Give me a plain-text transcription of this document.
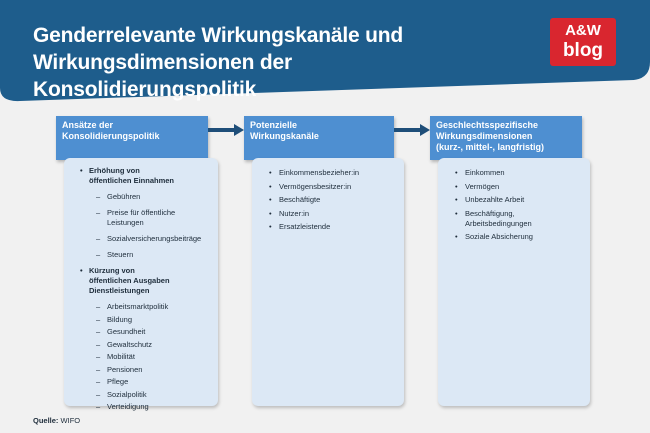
Genderrelevante Wirkungskanäle und
Wirkungsdimensionen der Konsolidierungspolitik
A&W
blog
Ansätze der
Konsolidierungspolitik
• Erhöhung von
öffentlichen Einnahmen
– Gebühren
– Preise für öffentliche
Leistungen
– Sozialversicherungsbeiträge
– Steuern
• Kürzung von
öffentlichen Ausgaben
Dienstleistungen
– Arbeitsmarktpolitik
– Bildung
– Gesundheit
– Gewaltschutz
– Mobilität
– Pensionen
– Pflege
– Sozialpolitik
– Verteidigung
Potenzielle
Wirkungskanäle
• Einkommensbezieher:in
• Vermögensbesitzer:in
• Beschäftigte
• Nutzer:in
• Ersatzleistende
Geschlechtsspezifische
Wirkungsdimensionen
(kurz-, mittel-, langfristig)
• Einkommen
• Vermögen
• Unbezahlte Arbeit
• Beschäftigung,
Arbeitsbedingungen
• Soziale Absicherung
Quelle: WIFO
